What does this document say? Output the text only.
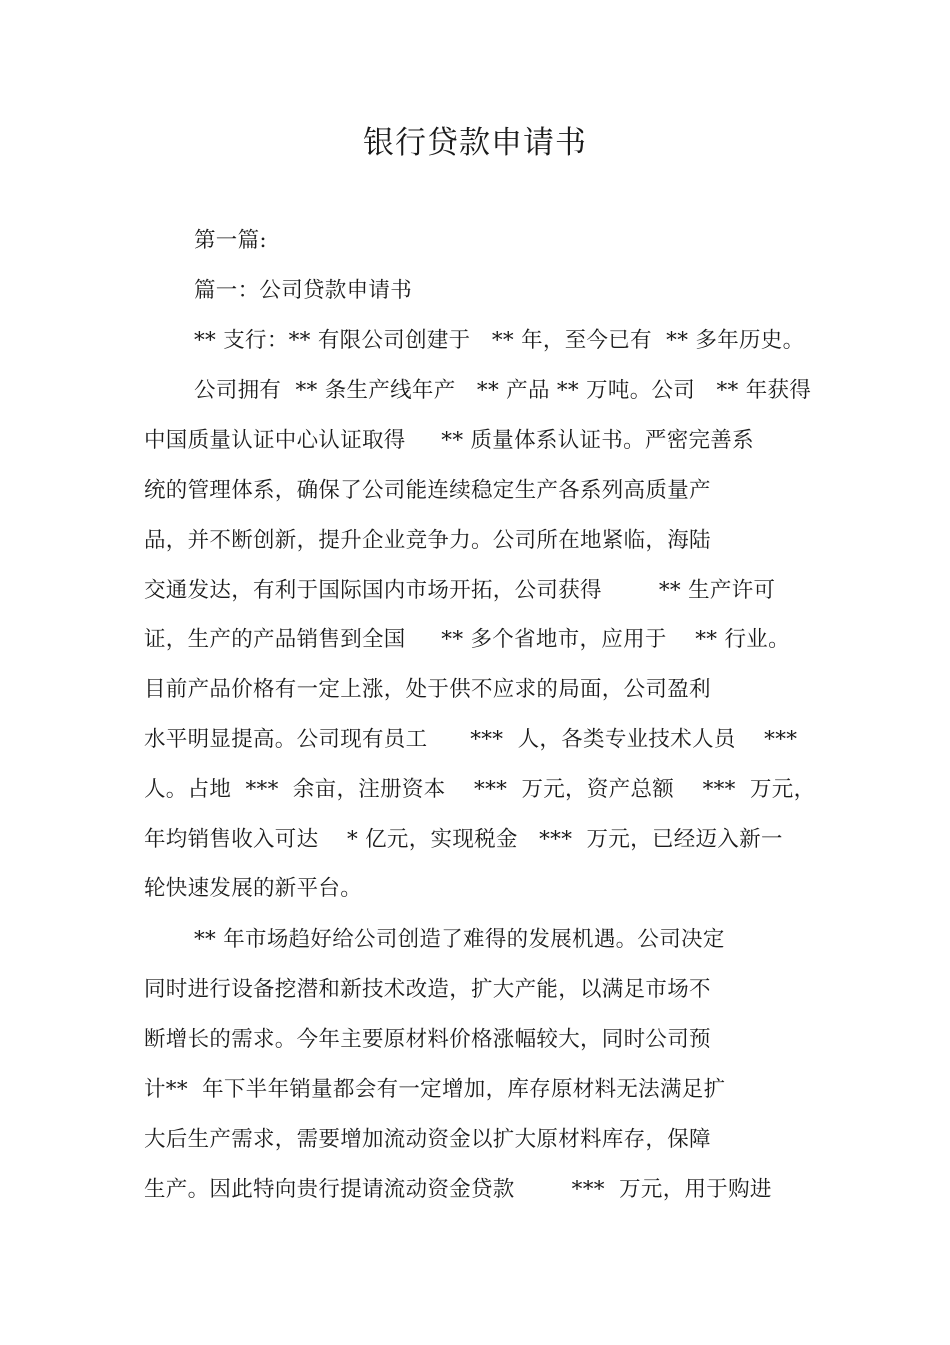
银行贷款申请书
第一篇:
篇一：公司贷款申请书
** 支行：** 有限公司创建于   ** 年，至今已有  ** 多年历史。
公司拥有  ** 条生产线年产   ** 产品 ** 万吨。公司   ** 年获得
中国质量认证中心认证取得     ** 质量体系认证书。严密完善系
统的管理体系，确保了公司能连续稳定生产各系列高质量产
品，并不断创新，提升企业竞争力。公司所在地紧临，海陆
交通发达，有利于国际国内市场开拓，公司获得        ** 生产许可
证，生产的产品销售到全国     ** 多个省地市，应用于    ** 行业。
目前产品价格有一定上涨，处于供不应求的局面，公司盈利
水平明显提高。公司现有员工      ***  人，各类专业技术人员    ***
人。占地  ***  余亩，注册资本    ***  万元，资产总额    ***  万元，
年均销售收入可达    * 亿元，实现税金   ***  万元，已经迈入新一
轮快速发展的新平台。
** 年市场趋好给公司创造了难得的发展机遇。公司决定
同时进行设备挖潜和新技术改造，扩大产能，以满足市场不
断增长的需求。今年主要原材料价格涨幅较大，同时公司预
计**  年下半年销量都会有一定增加，库存原材料无法满足扩
大后生产需求，需要增加流动资金以扩大原材料库存，保障
生产。因此特向贵行提请流动资金贷款        ***  万元，用于购进
